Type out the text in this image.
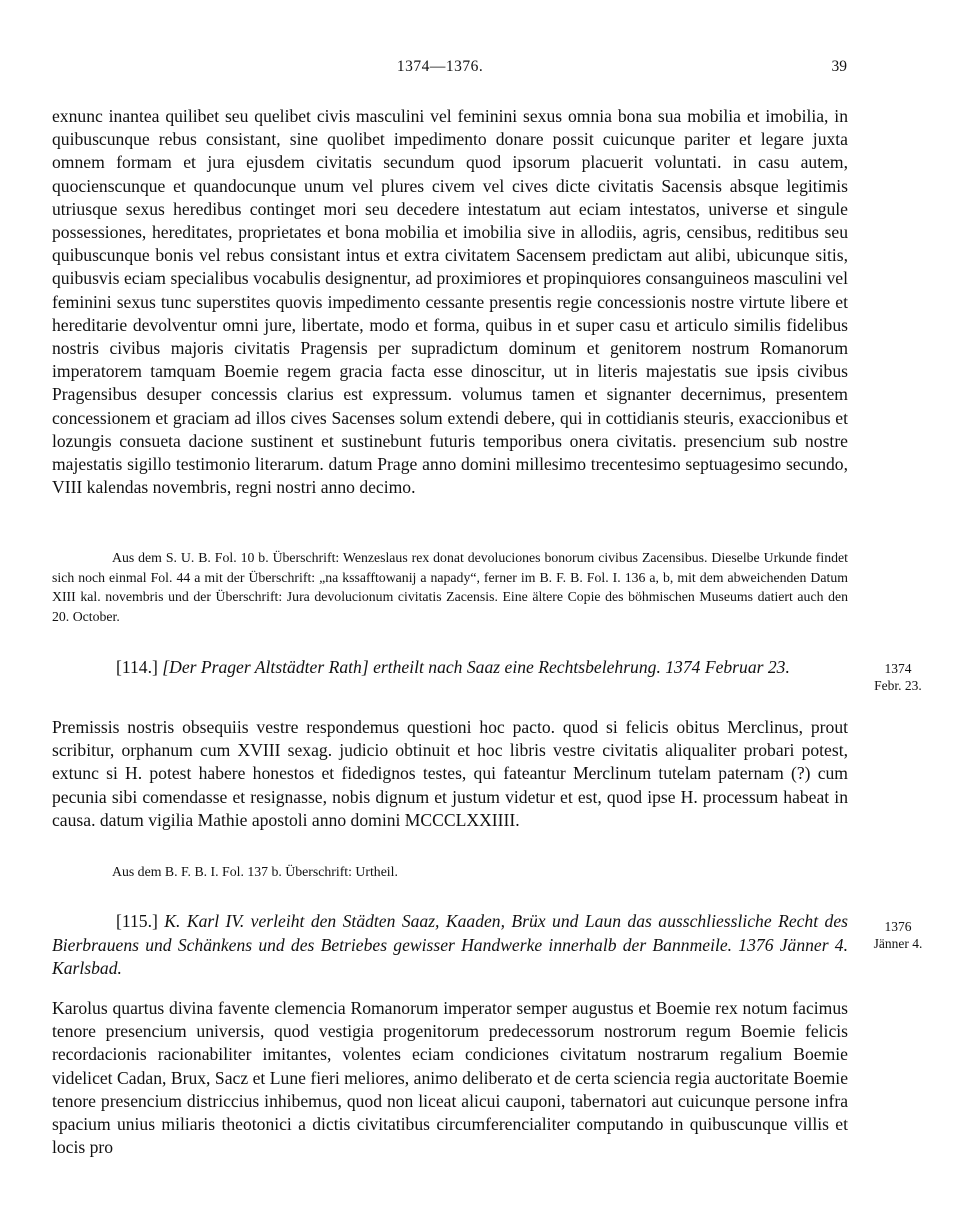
1374—1376.	39

exnunc inantea quilibet seu quelibet civis masculini vel feminini sexus omnia bona sua mobilia et imobilia, in quibuscunque rebus consistant, sine quolibet impedimento donare possit cuicunque pariter et legare juxta omnem formam et jura ejusdem civitatis secundum quod ipsorum placuerit voluntati. in casu autem, quocienscunque et quandocunque unum vel plures civem vel cives dicte civitatis Sacensis absque legitimis utriusque sexus heredibus continget mori seu decedere intestatum aut eciam intestatos, universe et singule possessiones, hereditates, proprietates et bona mobilia et imobilia sive in allodiis, agris, censibus, reditibus seu quibuscunque bonis vel rebus consistant intus et extra civitatem Sacensem predictam aut alibi, ubicunque sitis, quibusvis eciam specialibus vocabulis designentur, ad proximiores et propinquiores consanguineos masculini vel feminini sexus tunc superstites quovis impedimento cessante presentis regie concessionis nostre virtute libere et hereditarie devolventur omni jure, libertate, modo et forma, quibus in et super casu et articulo similis fidelibus nostris civibus majoris civitatis Pragensis per supradictum dominum et genitorem nostrum Romanorum imperatorem tamquam Boemie regem gracia facta esse dinoscitur, ut in literis majestatis sue ipsis civibus Pragensibus desuper concessis clarius est expressum. volumus tamen et signanter decernimus, presentem concessionem et graciam ad illos cives Sacenses solum extendi debere, qui in cottidianis steuris, exaccionibus et lozungis consueta dacione sustinent et sustinebunt futuris temporibus onera civitatis. presencium sub nostre majestatis sigillo testimonio literarum. datum Prage anno domini millesimo trecentesimo septuagesimo secundo, VIII kalendas novembris, regni nostri anno decimo.

Aus dem S. U. B. Fol. 10 b. Überschrift: Wenzeslaus rex donat devoluciones bonorum civibus Zacensibus. Dieselbe Urkunde findet sich noch einmal Fol. 44 a mit der Überschrift: „na kssafftowanij a napady“, ferner im B. F. B. Fol. I. 136 a, b, mit dem abweichenden Datum XIII kal. novembris und der Überschrift: Jura devolucionum civitatis Zacensis. Eine ältere Copie des böhmischen Museums datiert auch den 20. October.

[114.] [Der Prager Altstädter Rath] ertheilt nach Saaz eine Rechtsbelehrung. 1374 Februar 23.	1374
Febr. 23.

Premissis nostris obsequiis vestre respondemus questioni hoc pacto. quod si felicis obitus Merclinus, prout scribitur, orphanum cum XVIII sexag. judicio obtinuit et hoc libris vestre civitatis aliqualiter probari potest, extunc si H. potest habere honestos et fidedignos testes, qui fateantur Merclinum tutelam paternam (?) cum pecunia sibi comendasse et resignasse, nobis dignum et justum videtur et est, quod ipse H. processum habeat in causa. datum vigilia Mathie apostoli anno domini MCCCLXXIIII.

Aus dem B. F. B. I. Fol. 137 b. Überschrift: Urtheil.

[115.] K. Karl IV. verleiht den Städten Saaz, Kaaden, Brüx und Laun das ausschliessliche Recht des Bierbrauens und Schänkens und des Betriebes gewisser Handwerke innerhalb der Bannmeile. 1376 Jänner 4. Karlsbad.

1376
Jänner 4.

Karolus quartus divina favente clemencia Romanorum imperator semper augustus et Boemie rex notum facimus tenore presencium universis, quod vestigia progenitorum predecessorum nostrorum regum Boemie felicis recordacionis racionabiliter imitantes, volentes eciam condiciones civitatum nostrarum regalium Boemie videlicet Cadan, Brux, Sacz et Lune fieri meliores, animo deliberato et de certa sciencia regia auctoritate Boemie tenore presencium districcius inhibemus, quod non liceat alicui cauponi, tabernatori aut cuicunque persone infra spacium unius miliaris theotonici a dictis civitatibus circumferencialiter computando in quibuscunque villis et locis pro
